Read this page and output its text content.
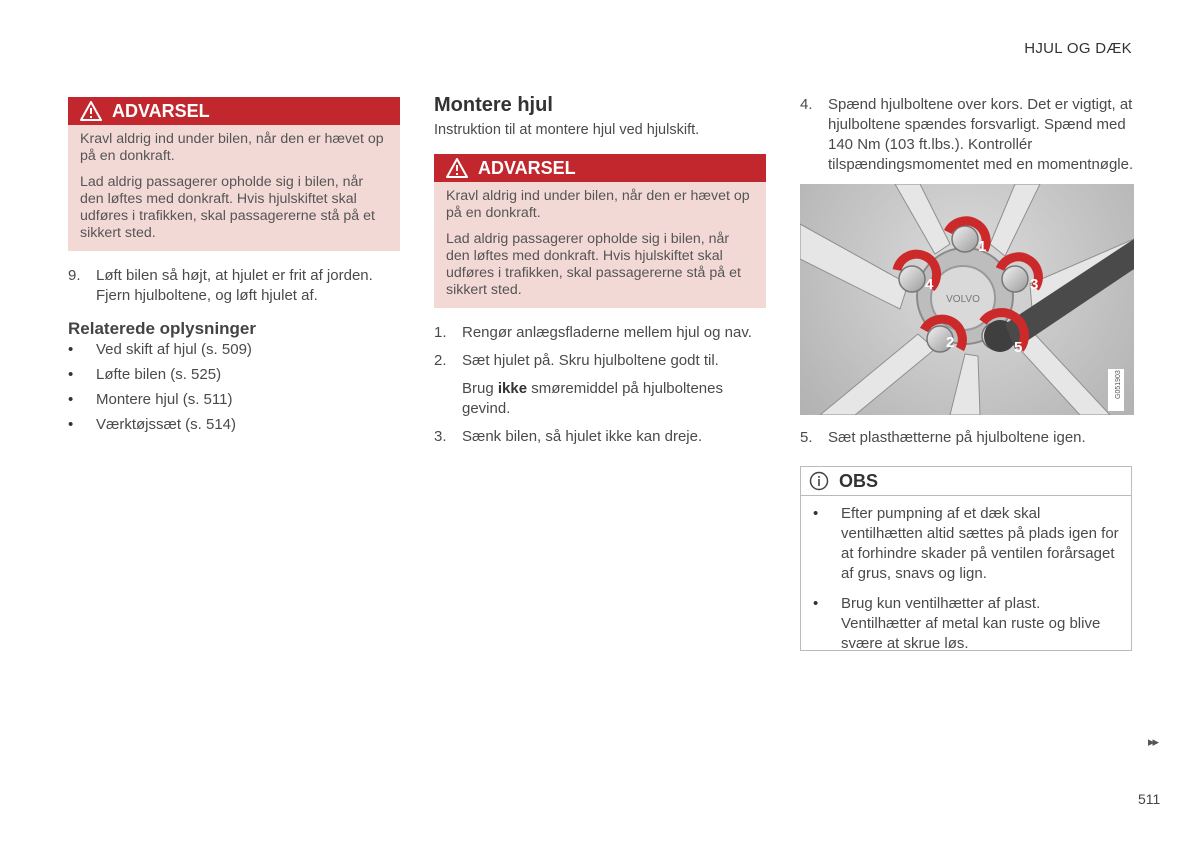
HJUL OG DÆK
ADVARSEL

Kravl aldrig ind under bilen, når den er hævet op på en donkraft.

Lad aldrig passagerer opholde sig i bilen, når den løftes med donkraft. Hvis hjulskiftet skal udføres i trafikken, skal passagererne stå på et sikkert sted.

9. Løft bilen så højt, at hjulet er frit af jorden. Fjern hjulboltene, og løft hjulet af.
Relaterede oplysninger
• Ved skift af hjul (s. 509)
• Løfte bilen (s. 525)
• Montere hjul (s. 511)
• Værktøjssæt (s. 514)
Montere hjul
Instruktion til at montere hjul ved hjulskift.
ADVARSEL

Kravl aldrig ind under bilen, når den er hævet op på en donkraft.

Lad aldrig passagerer opholde sig i bilen, når den løftes med donkraft. Hvis hjulskiftet skal udføres i trafikken, skal passagererne stå på et sikkert sted.

1. Rengør anlægsfladerne mellem hjul og nav.
2. Sæt hjulet på. Skru hjulboltene godt til.
Brug ikke smøremiddel på hjulboltenes gevind.
3. Sænk bilen, så hjulet ikke kan dreje.
4. Spænd hjulboltene over kors. Det er vigtigt, at hjulboltene spændes forsvarligt. Spænd med 140 Nm (103 ft.lbs.). Kontrollér tilspændingsmomentet med en momentnøgle.
VOLVO
1
2
3
4
5
G051903
5. Sæt plasthætterne på hjulboltene igen.
OBS
• Efter pumpning af et dæk skal ventilhætten altid sættes på plads igen for at forhindre skader på ventilen forårsaget af grus, snavs og lign.
• Brug kun ventilhætter af plast. Ventilhætter af metal kan ruste og blive svære at skrue løs.
▸▸
511
